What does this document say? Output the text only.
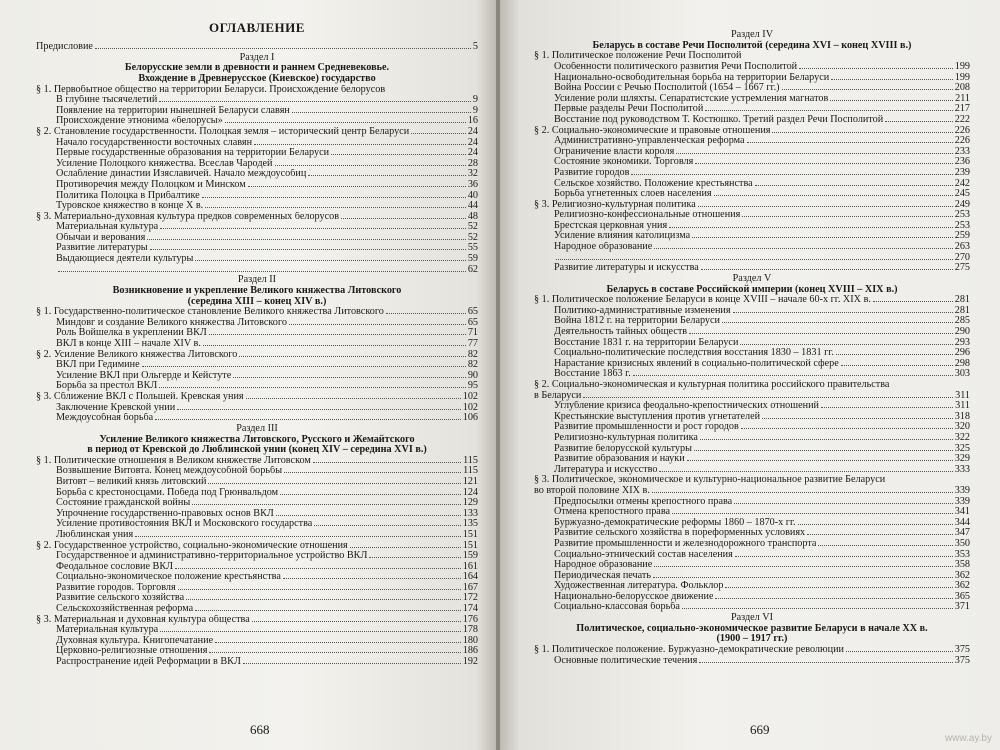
ОГЛАВЛЕНИЕ
Предисловие	5
Раздел I
Белорусские земли в древности и раннем Средневековье.
Вхождение в Древнерусское (Киевское) государство
§ 1. Первобытное общество на территории Беларуси. Происхождение белорусов
В глубине тысячелетий	9
Появление на территории нынешней Беларуси славян	9
Происхождение этнонима «белорусы»	16
§ 2. Становление государственности. Полоцкая земля – исторический центр Беларуси	24
Начало государственности восточных славян	24
Первые государственные образования на территории Беларуси	24
Усиление Полоцкого княжества. Всеслав Чародей	28
Ослабление династии Изяславичей. Начало междоусобиц	32
Противоречия между Полоцком и Минском	36
Политика Полоцка в Прибалтике	40
Туровское княжество в конце X в.	44
§ 3. Материально-духовная культура предков современных белорусов	48
Материальная культура	52
Обычаи и верования	52
Развитие литературы	55
Выдающиеся деятели культуры	59
62
Раздел II
Возникновение и укрепление Великого княжества Литовского
(середина XIII – конец XIV в.)
§ 1. Государственно-политическое становление Великого княжества Литовского	65
Миндовг и создание Великого княжества Литовского	65
Роль Войшелка в укреплении ВКЛ	71
ВКЛ в конце XIII – начале XIV в.	77
§ 2. Усиление Великого княжества Литовского	82
ВКЛ при Гедимине	82
Усиление ВКЛ при Ольгерде и Кейстуте	90
Борьба за престол ВКЛ	95
§ 3. Сближение ВКЛ с Польшей. Кревская уния	102
Заключение Кревской унии	102
Междоусобная борьба	106
Раздел III
Усиление Великого княжества Литовского, Русского и Жемайтского
в период от Кревской до Люблинской унии (конец XIV – середина XVI в.)
§ 1. Политические отношения в Великом княжестве Литовском	115
Возвышение Витовта. Конец междоусобной борьбы	115
Витовт – великий князь литовский	121
Борьба с крестоносцами. Победа под Грюнвальдом	124
Состояние гражданской войны	129
Упрочнение государственно-правовых основ ВКЛ	133
Усиление противостояния ВКЛ и Московского государства	135
Люблинская уния	151
§ 2. Государственное устройство, социально-экономические отношения	151
Государственное и административно-территориальное устройство ВКЛ	159
Феодальное сословие ВКЛ	161
Социально-экономическое положение крестьянства	164
Развитие городов. Торговля	167
Развитие сельского хозяйства	172
Сельскохозяйственная реформа	174
§ 3. Материальная и духовная культура общества	176
Материальная культура	178
Духовная культура. Книгопечатание	180
Церковно-религиозные отношения	186
Распространение идей Реформации в ВКЛ	192
668
Раздел IV
Беларусь в составе Речи Посполитой (середина XVI – конец XVIII в.)
§ 1. Политическое положение Речи Посполитой
Особенности политического развития Речи Посполитой	199
Национально-освободительная борьба на территории Беларуси	199
Война России с Речью Посполитой (1654 – 1667 гг.)	208
Усиление роли шляхты. Сепаратистские устремления магнатов	211
Первые разделы Речи Посполитой	217
Восстание под руководством Т. Костюшко. Третий раздел Речи Посполитой	222
§ 2. Социально-экономические и правовые отношения	226
Административно-управленческая реформа	226
Ограничение власти короля	233
Состояние экономики. Торговля	236
Развитие городов	239
Сельское хозяйство. Положение крестьянства	242
Борьба угнетенных слоев населения	245
§ 3. Религиозно-культурная политика	249
Религиозно-конфессиональные отношения	253
Брестская церковная уния	253
Усиление влияния католицизма	259
Народное образование	263
270
Развитие литературы и искусства	275
Раздел V
Беларусь в составе Российской империи (конец XVIII – XIX в.)
§ 1. Политическое положение Беларуси в конце XVIII – начале 60-х гг. XIX в.	281
Политико-административные изменения	281
Война 1812 г. на территории Беларуси	285
Деятельность тайных обществ	290
Восстание 1831 г. на территории Беларуси	293
Социально-политические последствия восстания 1830 – 1831 гг.	296
Нарастание кризисных явлений в социально-политической сфере	298
Восстание 1863 г.	303
§ 2. Социально-экономическая и культурная политика российского правительства
в Беларуси	311
Углубление кризиса феодально-крепостнических отношений	311
Крестьянские выступления против угнетателей	318
Развитие промышленности и рост городов	320
Религиозно-культурная политика	322
Развитие белорусской культуры	325
Развитие образования и науки	329
Литература и искусство	333
§ 3. Политическое, экономическое и культурно-национальное развитие Беларуси
во второй половине XIX в.	339
Предпосылки отмены крепостного права	339
Отмена крепостного права	341
Буржуазно-демократические реформы 1860 – 1870-х гг.	344
Развитие сельского хозяйства в пореформенных условиях	347
Развитие промышленности и железнодорожного транспорта	350
Социально-этнический состав населения	353
Народное образование	358
Периодическая печать	362
Художественная литература. Фольклор	362
Национально-белорусское движение	365
Социально-классовая борьба	371
Раздел VI
Политическое, социально-экономическое развитие Беларуси в начале XX в.
(1900 – 1917 гг.)
§ 1. Политическое положение. Буржуазно-демократические революции	375
Основные политические течения	375
669
www.ay.by
